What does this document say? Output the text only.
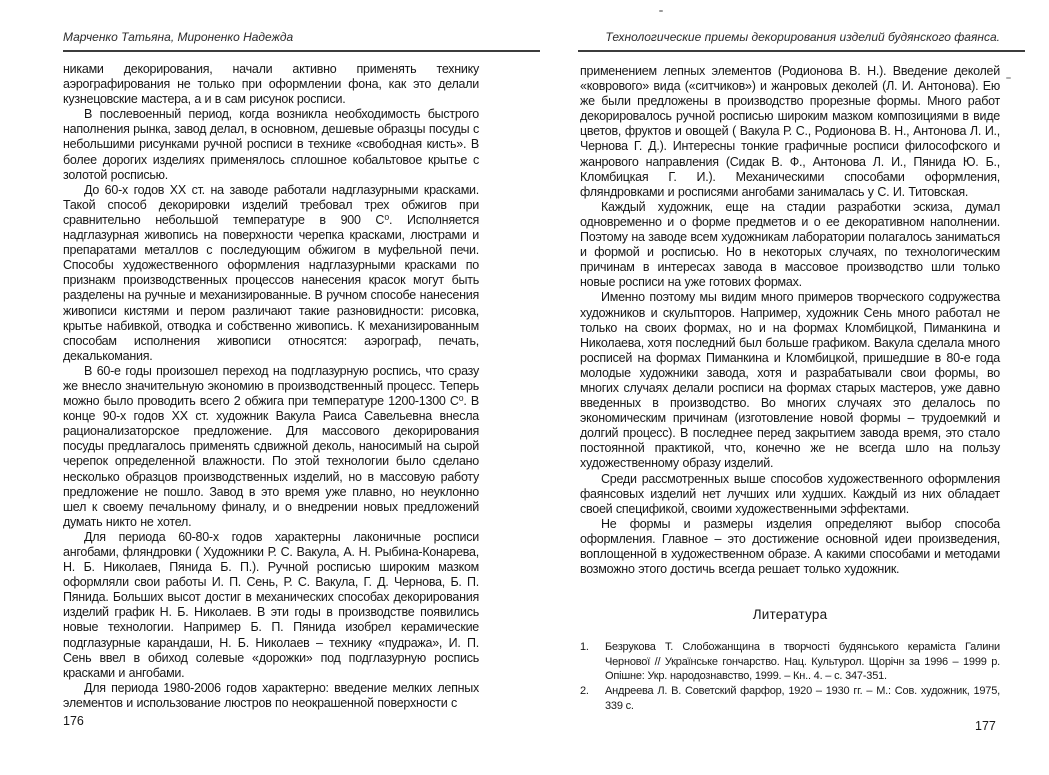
Марченко Татьяна, Мироненко Надежда

никами декорирования, начали активно применять технику аэрографирования не только при оформлении фона, как это делали кузнецовские мастера, а и в сам рисунок росписи.

В послевоенный период, когда возникла необходимость быстрого наполнения рынка, завод делал, в основном, дешевые образцы посуды с небольшими рисунками ручной росписи в технике «свободная кисть». В более дорогих изделиях применялось сплошное кобальтовое крытье с золотой росписью.

До 60-х годов XX ст. на заводе работали надглазурными красками. Такой способ декорировки изделий требовал трех обжигов при сравнительно небольшой температуре в 900 С⁰. Исполняется надглазурная живопись на поверхности черепка красками, люстрами и препаратами металлов с последующим обжигом в муфельной печи. Способы художественного оформления надглазурными красками по признакм производственных процессов нанесения красок могут быть разделены на ручные и механизированные. В ручном способе нанесения живописи кистями и пером различают такие разновидности: рисовка, крытье набивкой, отводка и собственно живопись. К механизированным способам исполнения живописи относятся: аэрограф, печать, декалькомания.

В 60-е годы произошел переход на подглазурную роспись, что сразу же внесло значительную экономию в производственный процесс. Теперь можно было проводить всего 2 обжига при температуре 1200-1300 С⁰. В конце 90-х годов XX ст. художник Вакула Раиса Савельевна внесла рационализаторское предложение. Для массового декорирования посуды предлагалось применять сдвижной деколь, наносимый на сырой черепок определенной влажности. По этой технологии было сделано несколько образцов производственных изделий, но в массовую работу предложение не пошло. Завод в это время уже плавно, но неуклонно шел к своему печальному финалу, и о внедрении новых предложений думать никто не хотел.

Для периода 60-80-х годов характерны лаконичные росписи ангобами, фляндровки ( Художники Р. С. Вакула, А. Н. Рыбина-Конарева, Н. Б. Николаев, Пянида Б. П.). Ручной росписью широким мазком оформляли свои работы И. П. Сень, Р. С. Вакула, Г. Д. Чернова, Б. П. Пянида. Больших высот достиг в механических способах декорирования изделий график Н. Б. Николаев. В эти годы в производстве появились новые технологии. Например Б. П. Пянида изобрел керамические подглазурные карандаши, Н. Б. Николаев – технику «пудража», И. П. Сень ввел в обиход солевые «дорожки» под подглазурную роспись красками и ангобами.

Для периода 1980-2006 годов характерно: введение мелких лепных элементов и использование люстров по неокрашенной поверхности с

Технологические приемы декорирования изделий будянского фаянса.

применением лепных элементов (Родионова В. Н.). Введение деколей «коврового» вида («ситчиков») и жанровых деколей (Л. И. Антонова). Ею же были предложены в производство прорезные формы. Много работ декорировалось ручной росписью широким мазком композициями в виде цветов, фруктов и овощей ( Вакула Р. С., Родионова В. Н., Антонова Л. И., Чернова Г. Д.). Интересны тонкие графичные росписи философского и жанрового направления (Сидак В. Ф., Антонова Л. И., Пянида Ю. Б., Кломбицкая Г. И.). Механическими способами оформления, фляндровками и росписями ангобами занималась у С. И. Титовская.

Каждый художник, еще на стадии разработки эскиза, думал одновременно и о форме предметов и о ее декоративном наполнении. Поэтому на заводе всем художникам лаборатории полагалось заниматься и формой и росписью. Но в некоторых случаях, по технологическим причинам в интересах завода в массовое производство шли только новые росписи на уже готових формах.

Именно поэтому мы видим много примеров творческого содружества художников и скульпторов. Например, художник Сень много работал не только на своих формах, но и на формах Кломбицкой, Пиманкина и Николаева, хотя последний был больше графиком. Вакула сделала много росписей на формах Пиманкина и Кломбицкой, пришедшие в 80-е года молодые художники завода, хотя и разрабатывали свои формы, во многих случаях делали росписи на формах старых мастеров, уже давно введенных в производство. Во многих случаях это делалось по экономическим причинам (изготовление новой формы – трудоемкий и долгий процесс). В последнее перед закрытием завода время, это стало постоянной практикой, что, конечно же не всегда шло на пользу художественному образу изделий.

Среди рассмотренных выше способов художественного оформления фаянсовых изделий нет лучших или худших. Каждый из них обладает своей спецификой, своими художественными эффектами.

Не формы и размеры изделия определяют выбор способа оформления. Главное – это достижение основной идеи произведения, воплощенной в художественном образе. А какими способами и методами возможно этого достичь всегда решает только художник.

Литература
1.	Безрукова Т. Слобожанщина в творчості будянського кераміста Галини Чернової // Українське гончарство. Нац. Культурол. Щорічн за 1996 – 1999 р. Опішне: Укр. народознавство, 1999. – Кн.. 4. – с. 347-351.
2.	Андреева Л. В. Советский фарфор, 1920 – 1930 гг. – М.: Сов. художник, 1975, 339 с.
176	177
